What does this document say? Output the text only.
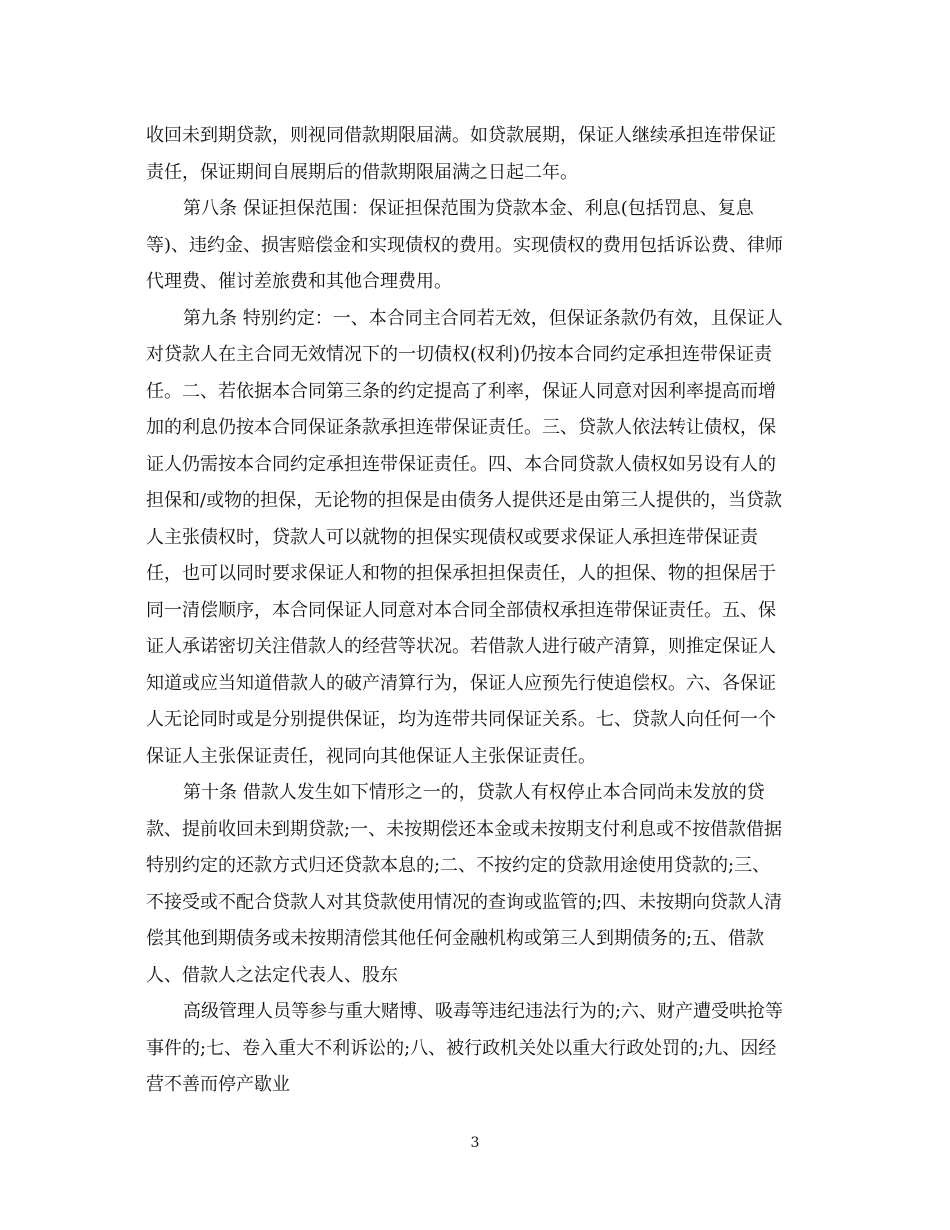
收回未到期贷款，则视同借款期限届满。如贷款展期，保证人继续承担连带保证
责任，保证期间自展期后的借款期限届满之日起二年。
第八条 保证担保范围：保证担保范围为贷款本金、利息(包括罚息、复息
等)、违约金、损害赔偿金和实现债权的费用。实现债权的费用包括诉讼费、律师
代理费、催讨差旅费和其他合理费用。
第九条 特别约定：一、本合同主合同若无效，但保证条款仍有效，且保证人
对贷款人在主合同无效情况下的一切债权(权利)仍按本合同约定承担连带保证责
任。二、若依据本合同第三条的约定提高了利率，保证人同意对因利率提高而增
加的利息仍按本合同保证条款承担连带保证责任。三、贷款人依法转让债权，保
证人仍需按本合同约定承担连带保证责任。四、本合同贷款人债权如另设有人的
担保和/或物的担保，无论物的担保是由债务人提供还是由第三人提供的，当贷款
人主张债权时，贷款人可以就物的担保实现债权或要求保证人承担连带保证责
任，也可以同时要求保证人和物的担保承担担保责任，人的担保、物的担保居于
同一清偿顺序，本合同保证人同意对本合同全部债权承担连带保证责任。五、保
证人承诺密切关注借款人的经营等状况。若借款人进行破产清算，则推定保证人
知道或应当知道借款人的破产清算行为，保证人应预先行使追偿权。六、各保证
人无论同时或是分别提供保证，均为连带共同保证关系。七、贷款人向任何一个
保证人主张保证责任，视同向其他保证人主张保证责任。
第十条 借款人发生如下情形之一的，贷款人有权停止本合同尚未发放的贷
款、提前收回未到期贷款;一、未按期偿还本金或未按期支付利息或不按借款借据
特别约定的还款方式归还贷款本息的;二、不按约定的贷款用途使用贷款的;三、
不接受或不配合贷款人对其贷款使用情况的查询或监管的;四、未按期向贷款人清
偿其他到期债务或未按期清偿其他任何金融机构或第三人到期债务的;五、借款
人、借款人之法定代表人、股东
高级管理人员等参与重大赌博、吸毒等违纪违法行为的;六、财产遭受哄抢等
事件的;七、卷入重大不利诉讼的;八、被行政机关处以重大行政处罚的;九、因经
营不善而停产歇业
3
